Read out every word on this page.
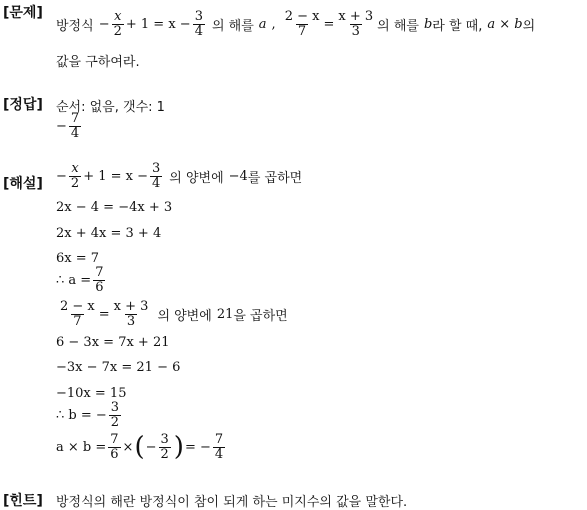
[문제]
[정답]
[해설]
[힌트]
방정식 − $\frac{x}{2} + 1 = x - \frac{3}{4}$ 의 해를 a , $\frac{2 - x}{7} = \frac{x + 3}{3}$ 의 해를 b 라 할 때, a × b 의
값을 구하여라.
순서: 없음, 갯수: 1
− $\frac{7}{4}$
− $\frac{x}{2} + 1 = x - \frac{3}{4}$ 의 양변에 −4 를 곱하면
2x − 4 = −4x + 3
2x + 4x = 3 + 4
6x = 7
∴ $a = \frac{7}{6}$
$\frac{2 - x}{7} = \frac{x + 3}{3}$ 의 양변에 21 을 곱하면
6 − 3x = 7x + 21
−3x − 7x = 21 − 6
−10x = 15
∴ b = − $\frac{3}{2}$
$a \times b = \frac{7}{6}$ × ( − $\frac{3}{2}$ ) = − $\frac{7}{4}$
방정식의 해란 방정식이 참이 되게 하는 미지수의 값을 말한다.
